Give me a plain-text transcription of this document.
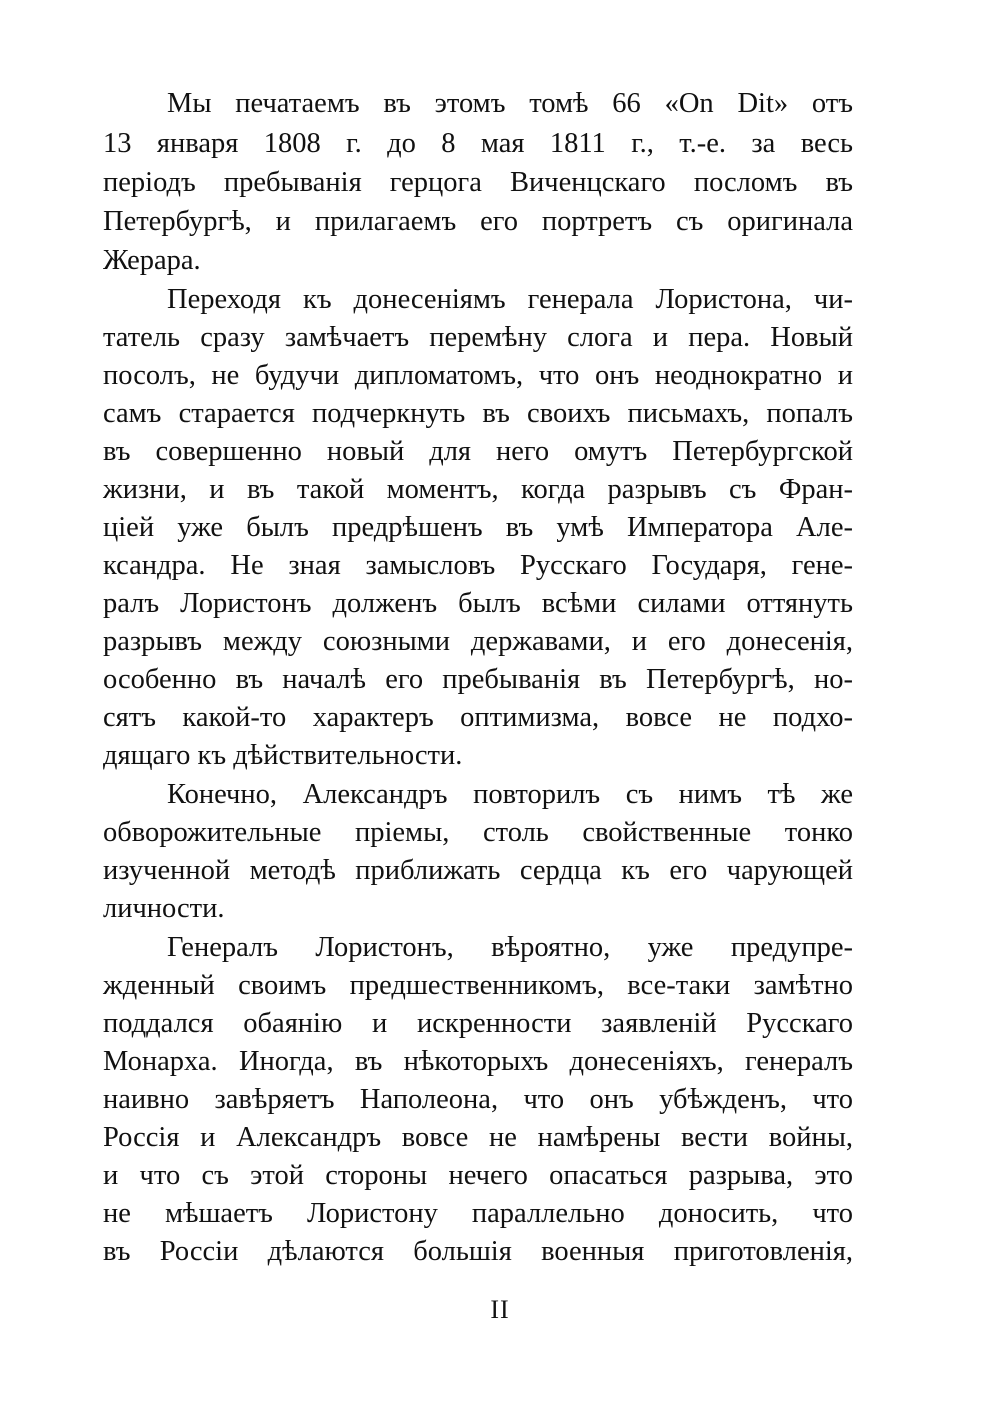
Мы печатаемъ въ этомъ томѣ 66 «On Dit» отъ
13 января 1808 г. до 8 мая 1811 г., т.-е. за весь
періодъ пребыванія герцога Виченцскаго посломъ въ
Петербургѣ, и прилагаемъ его портретъ съ оригинала
Жерара.
Переходя къ донесеніямъ генерала Лористона, чи-
татель сразу замѣчаетъ перемѣну слога и пера. Новый
посолъ, не будучи дипломатомъ, что онъ неоднократно и
самъ старается подчеркнуть въ своихъ письмахъ, попалъ
въ совершенно новый для него омутъ Петербургской
жизни, и въ такой моментъ, когда разрывъ съ Фран-
ціей уже былъ предрѣшенъ въ умѣ Императора Але-
ксандра. Не зная замысловъ Русскаго Государя, гене-
ралъ Лористонъ долженъ былъ всѣми силами оттянуть
разрывъ между союзными державами, и его донесенія,
особенно въ началѣ его пребыванія въ Петербургѣ, но-
сятъ какой-то характеръ оптимизма, вовсе не подхо-
дящаго къ дѣйствительности.
Конечно, Александръ повторилъ съ нимъ тѣ же
обворожительные пріемы, столь свойственные тонко
изученной методѣ приближать сердца къ его чарующей
личности.
Генералъ Лористонъ, вѣроятно, уже предупре-
жденный своимъ предшественникомъ, все-таки замѣтно
поддался обаянію и искренности заявленій Русскаго
Монарха. Иногда, въ нѣкоторыхъ донесеніяхъ, генералъ
наивно завѣряетъ Наполеона, что онъ убѣжденъ, что
Россія и Александръ вовсе не намѣрены вести войны,
и что съ этой стороны нечего опасаться разрыва, это
не мѣшаетъ Лористону параллельно доносить, что
въ Россіи дѣлаются большія военныя приготовленія,
II
